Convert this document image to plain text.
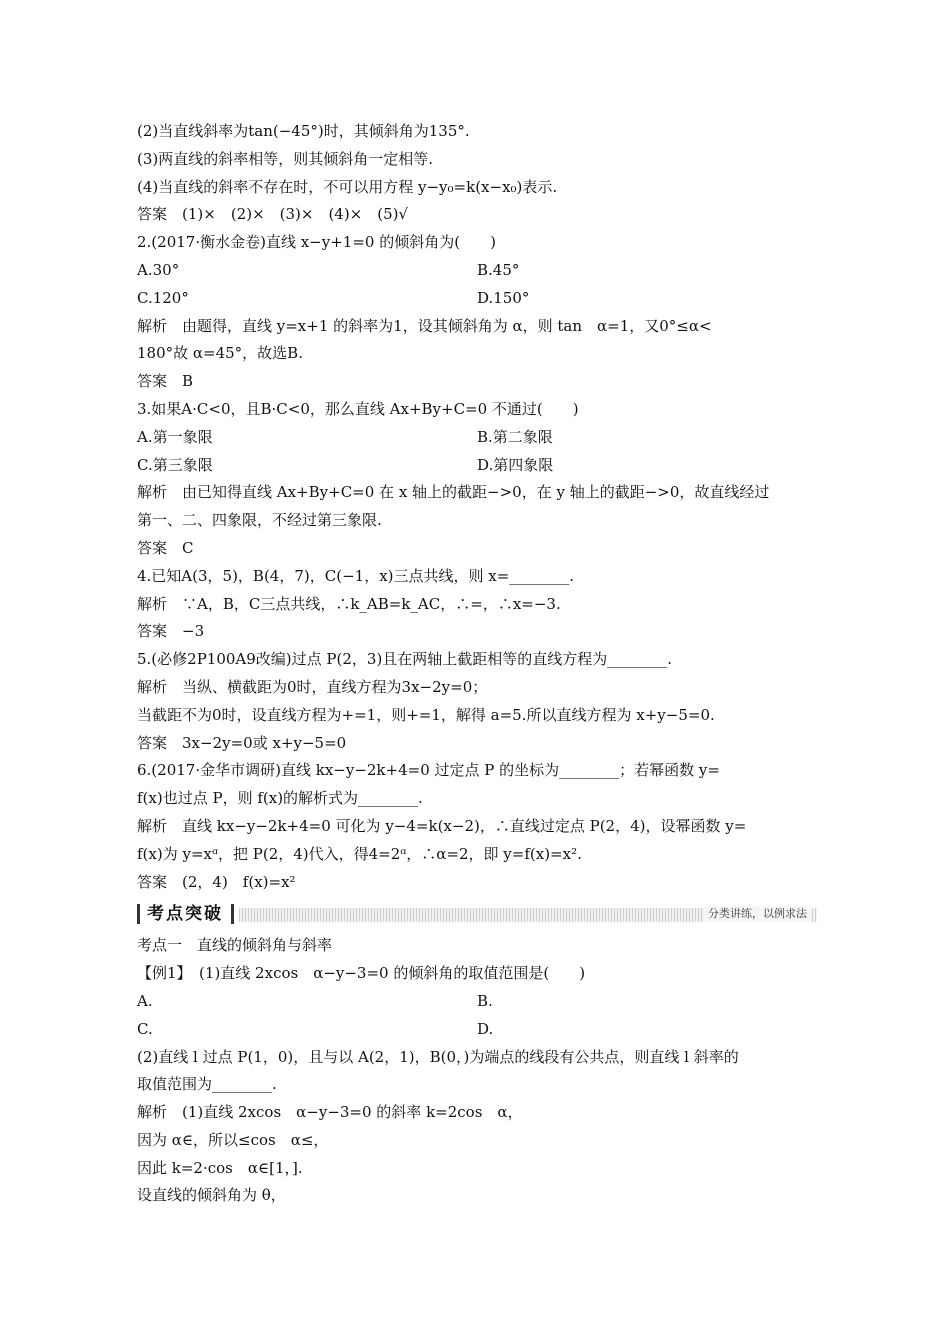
(2)当直线斜率为tan(−45°)时，其倾斜角为135°.
(3)两直线的斜率相等，则其倾斜角一定相等.
(4)当直线的斜率不存在时，不可以用方程 y−y₀=k(x−x₀)表示.
答案　(1)×　(2)×　(3)×　(4)×　(5)√
2.(2017·衡水金卷)直线 x−y+1=0 的倾斜角为(　　)
A.30°	B.45°
C.120°	D.150°
解析　由题得，直线 y=x+1 的斜率为1，设其倾斜角为 α，则 tan　α=1，又0°≤α<
180°故 α=45°，故选B.
答案　B
3.如果A·C<0，且B·C<0，那么直线 Ax+By+C=0 不通过(　　)
A.第一象限	B.第二象限
C.第三象限	D.第四象限
解析　由已知得直线 Ax+By+C=0 在 x 轴上的截距−>0，在 y 轴上的截距−>0，故直线经过
第一、二、四象限，不经过第三象限.
答案　C
4.已知A(3，5)，B(4，7)，C(−1，x)三点共线，则 x=________.
解析　∵A，B，C三点共线，∴k_AB=k_AC，∴=，∴x=−3.
答案　−3
5.(必修2P100A9改编)过点 P(2，3)且在两轴上截距相等的直线方程为________.
解析　当纵、横截距为0时，直线方程为3x−2y=0；
当截距不为0时，设直线方程为+=1，则+=1，解得 a=5.所以直线方程为 x+y−5=0.
答案　3x−2y=0或 x+y−5=0
6.(2017·金华市调研)直线 kx−y−2k+4=0 过定点 P 的坐标为________；若幂函数 y=
f(x)也过点 P，则 f(x)的解析式为________.
解析　直线 kx−y−2k+4=0 可化为 y−4=k(x−2)，∴直线过定点 P(2，4)，设幂函数 y=
f(x)为 y=xᵅ，把 P(2，4)代入，得4=2ᵅ，∴α=2，即 y=f(x)=x².
答案　(2，4)　f(x)=x²
考点突破	分类讲练，以例求法
考点一　直线的倾斜角与斜率
【例1】　(1)直线 2xcos　α−y−3=0 的倾斜角的取值范围是(　　)
A.	B.
C.	D.
(2)直线 l 过点 P(1，0)，且与以 A(2，1)，B(0，)为端点的线段有公共点，则直线 l 斜率的
取值范围为________.
解析　(1)直线 2xcos　α−y−3=0 的斜率 k=2cos　α，
因为 α∈，所以≤cos　α≤，
因此 k=2·cos　α∈[1，].
设直线的倾斜角为 θ，
